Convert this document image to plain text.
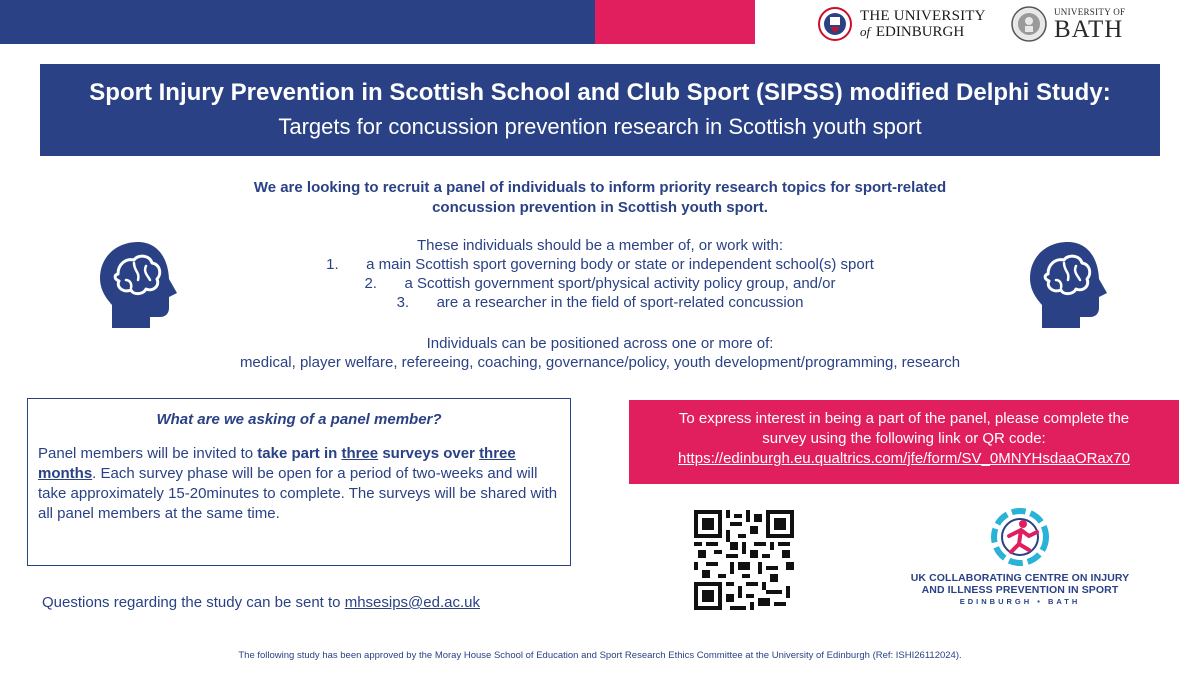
THE UNIVERSITY
of EDINBURGH
UNIVERSITY OF
BATH
Sport Injury Prevention in Scottish School and Club Sport (SIPSS) modified Delphi Study:
Targets for concussion prevention research in Scottish youth sport
We are looking to recruit a panel of individuals to inform priority research topics for sport-related
concussion prevention in Scottish youth sport.
These individuals should be a member of, or work with:
1. a main Scottish sport governing body or state or independent school(s) sport
2. a Scottish government sport/physical activity policy group, and/or
3. are a researcher in the field of sport-related concussion
Individuals can be positioned across one or more of:
medical, player welfare, refereeing, coaching, governance/policy, youth development/programming, research
What are we asking of a panel member?

Panel members will be invited to take part in three surveys over three months. Each survey phase will be open for a period of two-weeks and will take approximately 15-20minutes to complete. The surveys will be shared with all panel members at the same time.

Questions regarding the study can be sent to mhsesips@ed.ac.uk
To express interest in being a part of the panel, please complete the
survey using the following link or QR code:
https://edinburgh.eu.qualtrics.com/jfe/form/SV_0MNYHsdaaORax70
UK COLLABORATING CENTRE ON INJURY
AND ILLNESS PREVENTION IN SPORT
EDINBURGH • BATH
The following study has been approved by the Moray House School of Education and Sport Research Ethics Committee at the University of Edinburgh (Ref: ISHI26112024).
